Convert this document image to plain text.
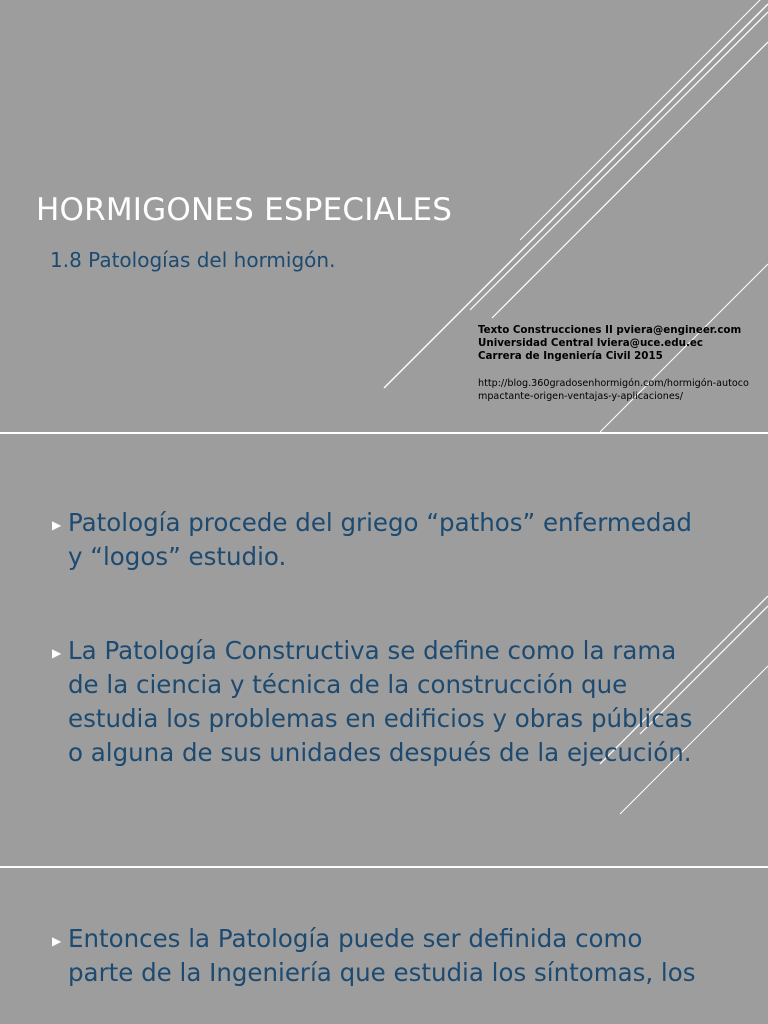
HORMIGONES ESPECIALES

1.8 Patologías del hormigón.

Texto Construcciones II pviera@engineer.com Universidad Central lviera@uce.edu.ec Carrera de Ingeniería Civil 2015

http://blog.360gradosenhormigón.com/hormigón-autocompactante-origen-ventajas-y-aplicaciones/

▶ Patología procede del griego “pathos” enfermedad y “logos” estudio.

▶ La Patología Constructiva se define como la rama de la ciencia y técnica de la construcción que estudia los problemas en edificios y obras públicas o alguna de sus unidades después de la ejecución.

▶ Entonces la Patología puede ser definida como parte de la Ingeniería que estudia los síntomas, los
